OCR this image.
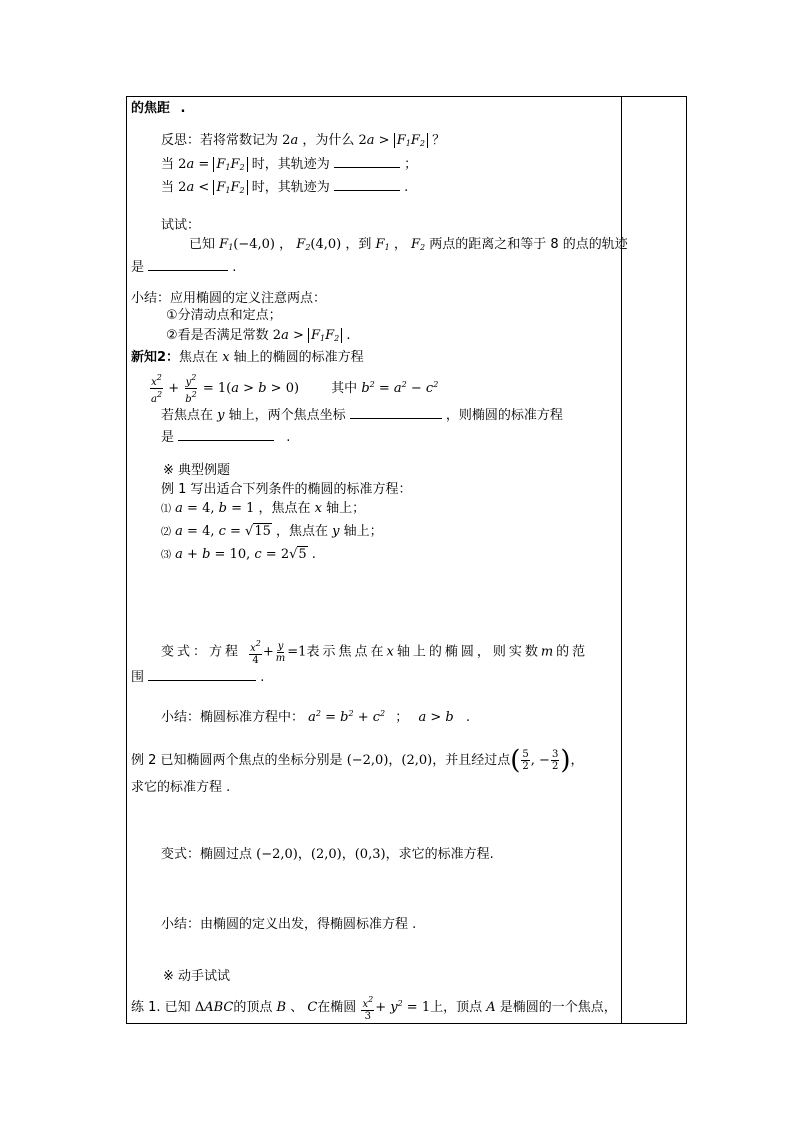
的焦距 .
反思：若将常数记为 2a ，为什么 $2a > F_1F_2$ ？
当 $2a = F_1F_2$ 时，其轨迹为	；
当 $2a < F_1F_2$ 时，其轨迹为	.
试试：
已知 $F_1(-4,0)$ ， $F_2(4,0)$ ，到 $F_1$ ， $F_2$ 两点的距离之和等于 8 的点的轨迹
是	.
小结：应用椭圆的定义注意两点：
①分清动点和定点；
②看是否满足常数 $2a > F_1F_2$ .
新知2：焦点在 x 轴上的椭圆的标准方程
$\frac{x^2}{a^2} + \frac{y^2}{b^2} = 1(a > b > 0)$ 其中 $b^2 = a^2 - c^2$
若焦点在 y 轴上，两个焦点坐标	，则椭圆的标准方程
是	.
※ 典型例题
例 1 写出适合下列条件的椭圆的标准方程：
⑴ a = 4, b = 1 ，焦点在 x 轴上；
⑵ a = 4, c = √15 ，焦点在 y 轴上；
⑶ a + b = 10, c = 2√5 .
变式：方程 $\frac{x^2}{4} + \frac{y}{m} =1$表示焦点在x轴上的椭圆，则实数m的范
围	.
小结：椭圆标准方程中： $a^2 = b^2 + c^2$ ； a > b .
例 2 已知椭圆两个焦点的坐标分别是 (−2,0)，(2,0)，并且经过点( $\frac{5}{2}$ , − $\frac{3}{2}$ )，
求它的标准方程 .
变式：椭圆过点 (−2,0)，(2,0)，(0,3)，求它的标准方程.
小结：由椭圆的定义出发，得椭圆标准方程 .
※ 动手试试
练 1. 已知 ΔABC的顶点 B 、 C在椭圆 $\frac{x^2}{3} + y^2 = 1$上，顶点 A 是椭圆的一个焦点，
